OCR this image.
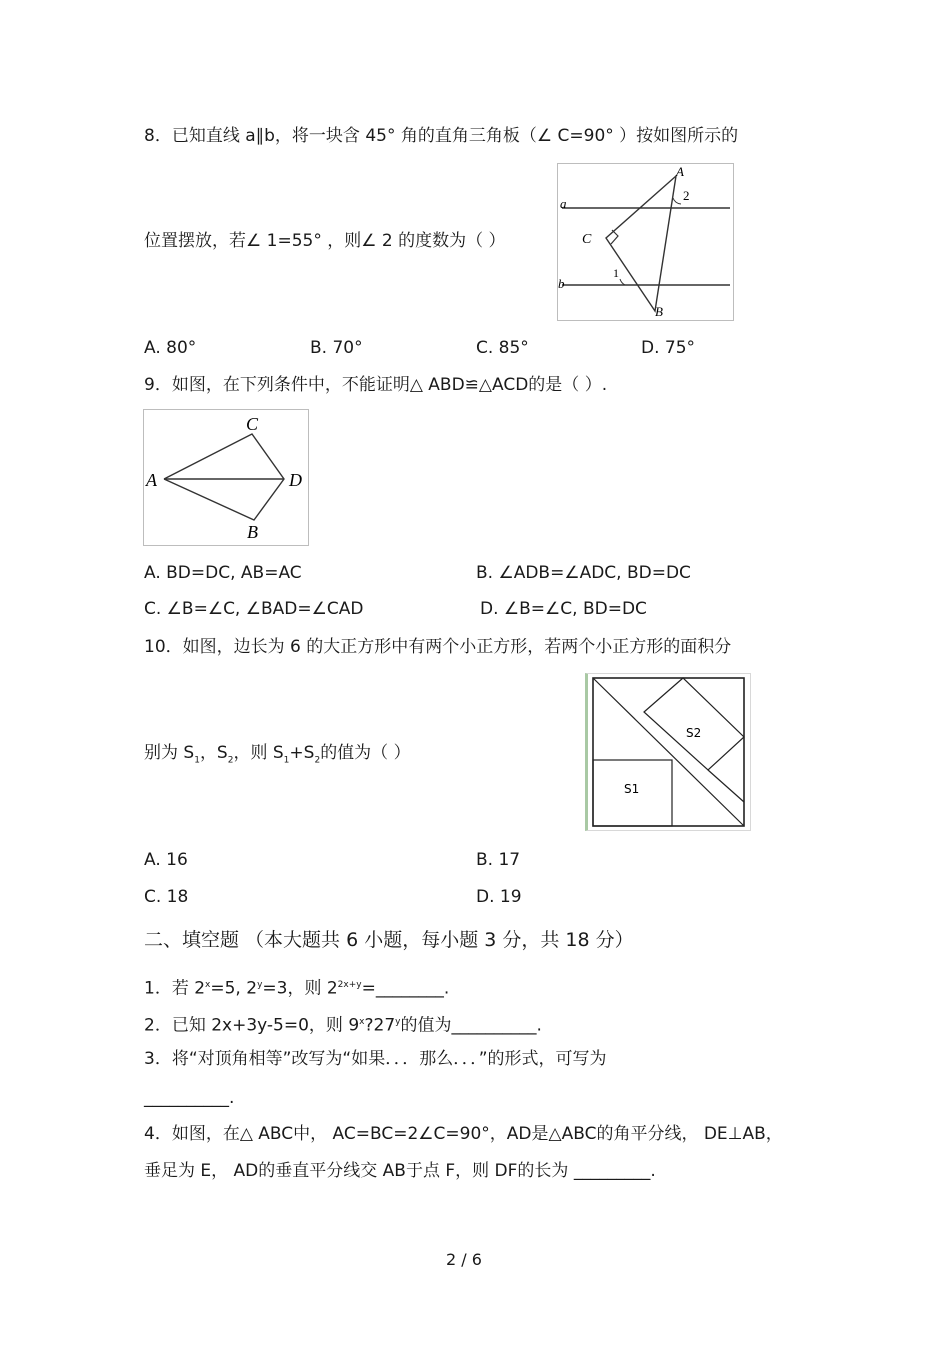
8．已知直线 a∥b，将一块含 45° 角的直角三角板（∠ C=90° ）按如图所示的
a
b
A
B
C
1
2
位置摆放，若∠ 1=55° ，则∠ 2 的度数为（ ）
A. 80°	B. 70°	C. 85°	D. 75°
9．如图，在下列条件中，不能证明△ ABD≌△ACD的是（ ）.
C
A	D
B
A. BD=DC, AB=AC	B. ∠ADB=∠ADC, BD=DC
C. ∠B=∠C, ∠BAD=∠CAD	D. ∠B=∠C, BD=DC
10．如图，边长为 6 的大正方形中有两个小正方形，若两个小正方形的面积分
S2
S1
别为 $S_1$，$S_2$，则 $S_1+S_2$的值为（ ）
A. 16	B. 17
C. 18	D. 19
二、填空题 （本大题共 6 小题，每小题 3 分，共 18 分）
1．若 $2^x=5$, $2^y=3$，则 $2^{2x+y}=\_\_\_\_\_\_\_\_$.
2．已知 2x+3y-5=0，则 9$^x$?27$^y$的值为__________.
3．将“对顶角相等”改写为“如果．．．那么．．．”的形式，可写为
__________.
4．如图，在△ ABC中， AC=BC=2∠C=90°，AD是△ABC的角平分线， DE⊥AB，
垂足为 E， AD的垂直平分线交 AB于点 F，则 DF的长为 _________.
2 / 6
